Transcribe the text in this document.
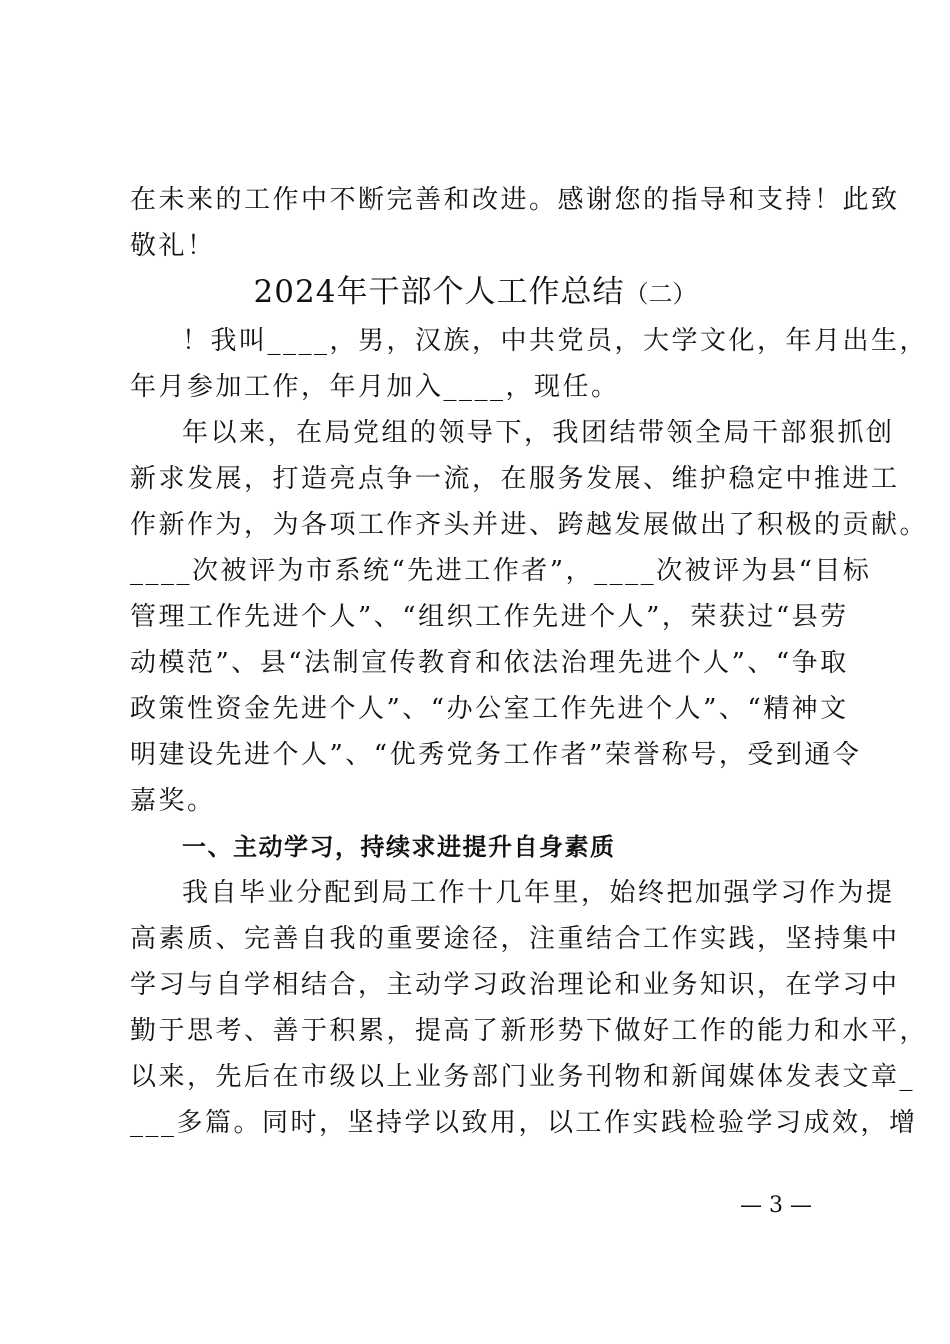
在未来的工作中不断完善和改进。感谢您的指导和支持！此致
敬礼！
2024年干部个人工作总结（二）
！我叫____，男，汉族，中共党员，大学文化，年月出生，
年月参加工作，年月加入____，现任。
年以来，在局党组的领导下，我团结带领全局干部狠抓创
新求发展，打造亮点争一流，在服务发展、维护稳定中推进工
作新作为，为各项工作齐头并进、跨越发展做出了积极的贡献。
____次被评为市系统“先进工作者”，____次被评为县“目标
管理工作先进个人”、“组织工作先进个人”，荣获过“县劳
动模范”、县“法制宣传教育和依法治理先进个人”、“争取
政策性资金先进个人”、“办公室工作先进个人”、“精神文
明建设先进个人”、“优秀党务工作者”荣誉称号，受到通令
嘉奖。
一、主动学习，持续求进提升自身素质
我自毕业分配到局工作十几年里，始终把加强学习作为提
高素质、完善自我的重要途径，注重结合工作实践，坚持集中
学习与自学相结合，主动学习政治理论和业务知识，在学习中
勤于思考、善于积累，提高了新形势下做好工作的能力和水平，
以来，先后在市级以上业务部门业务刊物和新闻媒体发表文章_
___多篇。同时，坚持学以致用，以工作实践检验学习成效，增
— 3 —
